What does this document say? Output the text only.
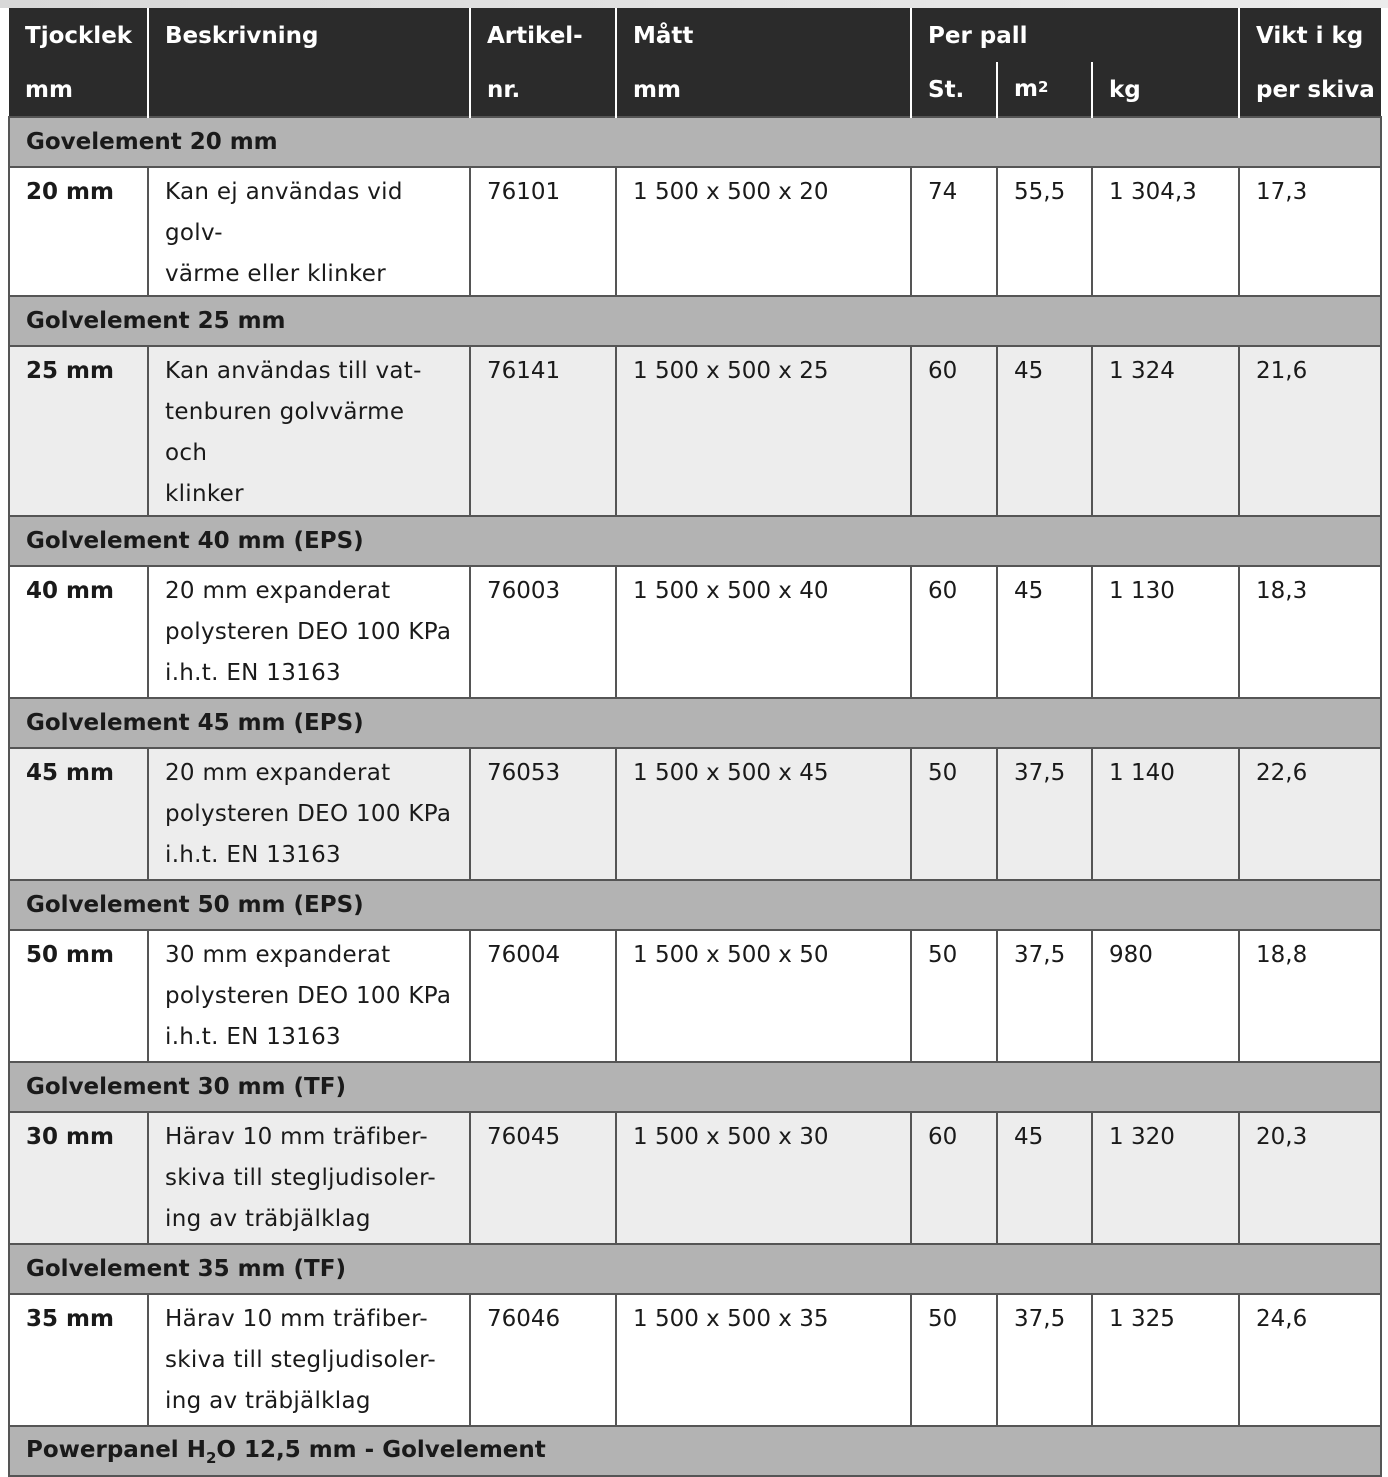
Tjocklek	Beskrivning	Artikel-	Mått	Per pall			Vikt i kg
mm		nr.	mm	St.	$m^2$	kg	per skiva
Govelement 20 mm							
20 mm	Kan ej användas vid golv-
värme eller klinker	76101	1 500 x 500 x 20	74	55,5	1 304,3	17,3
Golvelement 25 mm							
25 mm	Kan användas till vat-
tenburen golvvärme och
klinker	76141	1 500 x 500 x 25	60	45	1 324	21,6
Golvelement 40 mm (EPS)							
40 mm	20 mm expanderat
polysteren DEO 100 KPa
i.h.t. EN 13163	76003	1 500 x 500 x 40	60	45	1 130	18,3
Golvelement 45 mm (EPS)							
45 mm	20 mm expanderat
polysteren DEO 100 KPa
i.h.t. EN 13163	76053	1 500 x 500 x 45	50	37,5	1 140	22,6
Golvelement 50 mm (EPS)							
50 mm	30 mm expanderat
polysteren DEO 100 KPa
i.h.t. EN 13163	76004	1 500 x 500 x 50	50	37,5	980	18,8
Golvelement 30 mm (TF)							
30 mm	Härav 10 mm träfiber-
skiva till stegljudisoler-
ing av träbjälklag	76045	1 500 x 500 x 30	60	45	1 320	20,3
Golvelement 35 mm (TF)							
35 mm	Härav 10 mm träfiber-
skiva till stegljudisoler-
ing av träbjälklag	76046	1 500 x 500 x 35	50	37,5	1 325	24,6
Powerpanel $H_2O$ 12,5 mm - Golvelement							
